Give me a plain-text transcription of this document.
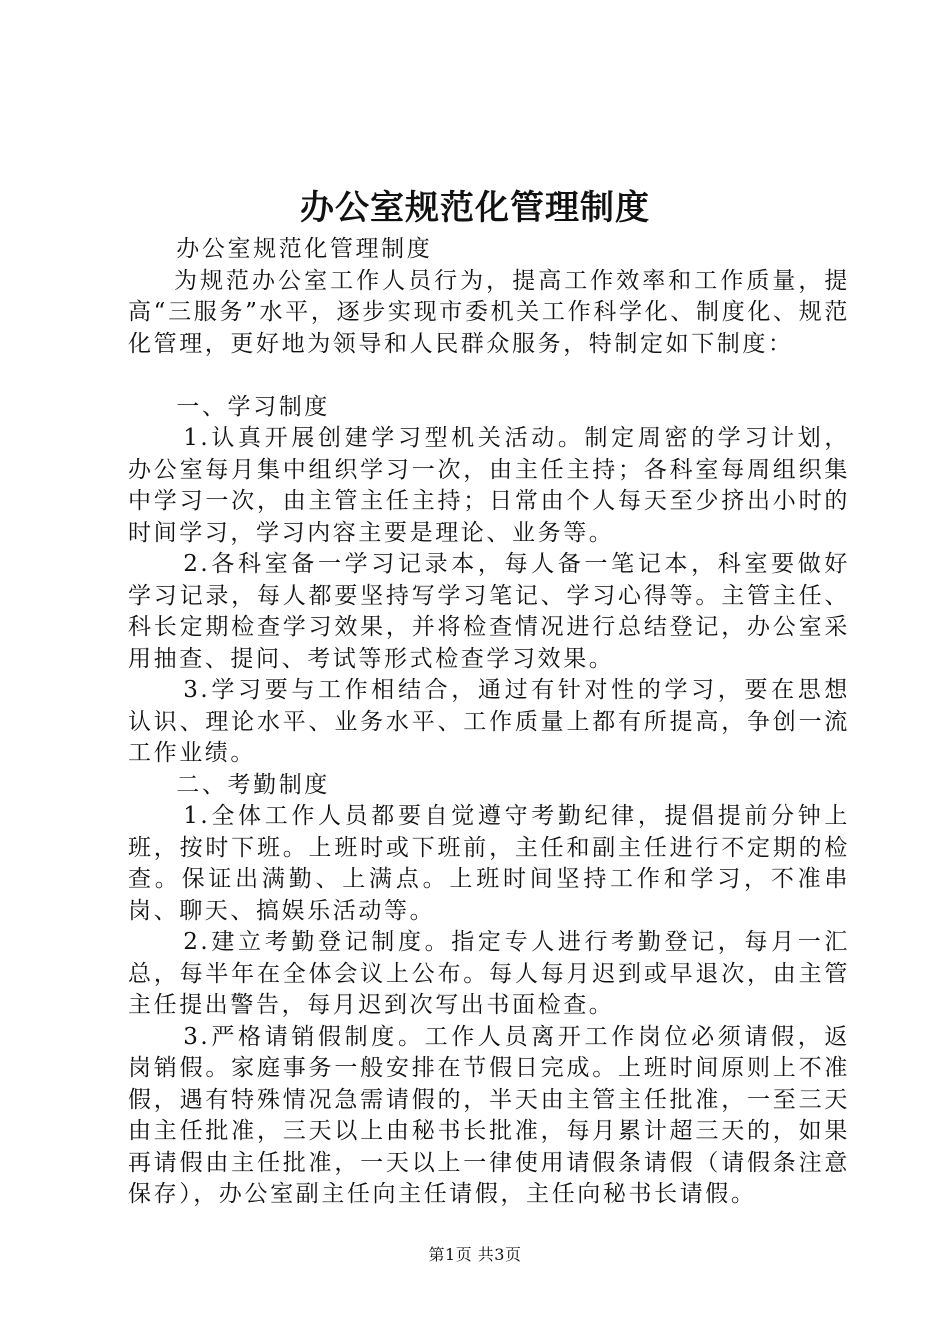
办公室规范化管理制度

办公室规范化管理制度

为规范办公室工作人员行为，提高工作效率和工作质量，提高“三服务”水平，逐步实现市委机关工作科学化、制度化、规范化管理，更好地为领导和人民群众服务，特制定如下制度：

一、学习制度

1.认真开展创建学习型机关活动。制定周密的学习计划，办公室每月集中组织学习一次，由主任主持；各科室每周组织集中学习一次，由主管主任主持；日常由个人每天至少挤出小时的时间学习，学习内容主要是理论、业务等。

2.各科室备一学习记录本，每人备一笔记本，科室要做好学习记录，每人都要坚持写学习笔记、学习心得等。主管主任、科长定期检查学习效果，并将检查情况进行总结登记，办公室采用抽查、提问、考试等形式检查学习效果。

3.学习要与工作相结合，通过有针对性的学习，要在思想认识、理论水平、业务水平、工作质量上都有所提高，争创一流工作业绩。

二、考勤制度

1.全体工作人员都要自觉遵守考勤纪律，提倡提前分钟上班，按时下班。上班时或下班前，主任和副主任进行不定期的检查。保证出满勤、上满点。上班时间坚持工作和学习，不准串岗、聊天、搞娱乐活动等。

2.建立考勤登记制度。指定专人进行考勤登记，每月一汇总，每半年在全体会议上公布。每人每月迟到或早退次，由主管主任提出警告，每月迟到次写出书面检查。

3.严格请销假制度。工作人员离开工作岗位必须请假，返岗销假。家庭事务一般安排在节假日完成。上班时间原则上不准假，遇有特殊情况急需请假的，半天由主管主任批准，一至三天由主任批准，三天以上由秘书长批准，每月累计超三天的，如果再请假由主任批准，一天以上一律使用请假条请假（请假条注意保存），办公室副主任向主任请假，主任向秘书长请假。

第1页 共3页
